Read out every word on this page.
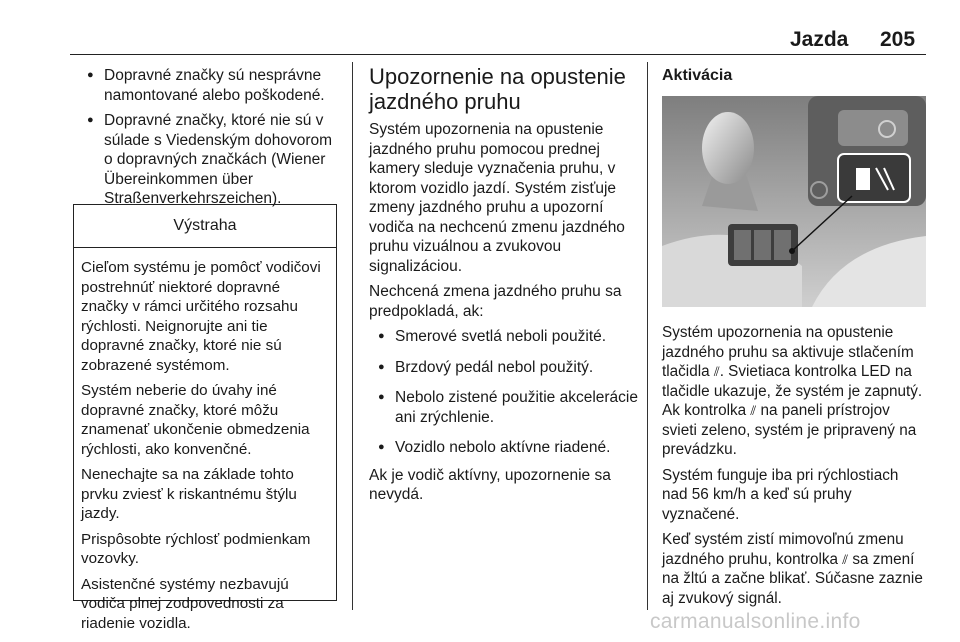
Jazda 205
● Dopravné značky sú nesprávne namontované alebo poškodené.
● Dopravné značky, ktoré nie sú v súlade s Viedenským dohovorom o dopravných značkách (Wiener Übereinkommen über Straßenverkehrszeichen).
Výstraha

Cieľom systému je pomôcť vodičovi postrehnúť niektoré dopravné značky v rámci určitého rozsahu rýchlosti. Neignorujte ani tie dopravné značky, ktoré nie sú zobrazené systémom.

Systém neberie do úvahy iné dopravné značky, ktoré môžu znamenať ukončenie obmedzenia rýchlosti, ako konvenčné.

Nenechajte sa na základe tohto prvku zviesť k riskantnému štýlu jazdy.

Prispôsobte rýchlosť podmienkam vozovky.

Asistenčné systémy nezbavujú vodiča plnej zodpovednosti za riadenie vozidla.

Upozornenie na opustenie jazdného pruhu

Systém upozornenia na opustenie jazdného pruhu pomocou prednej kamery sleduje vyznačenia pruhu, v ktorom vozidlo jazdí. Systém zisťuje zmeny jazdného pruhu a upozorní vodiča na nechcenú zmenu jazdného pruhu vizuálnou a zvukovou signalizáciou.

Nechcená zmena jazdného pruhu sa predpokladá, ak:

● Smerové svetlá neboli použité.
● Brzdový pedál nebol použitý.
● Nebolo zistené použitie akcelerácie ani zrýchlenie.
● Vozidlo nebolo aktívne riadené.

Ak je vodič aktívny, upozornenie sa nevydá.

Aktivácia

Systém upozornenia na opustenie jazdného pruhu sa aktivuje stlačením tlačidla ⫽. Svietiaca kontrolka LED na tlačidle ukazuje, že systém je zapnutý. Ak kontrolka ⫽ na paneli prístrojov svieti zeleno, systém je pripravený na prevádzku.

Systém funguje iba pri rýchlostiach nad 56 km/h a keď sú pruhy vyznačené.

Keď systém zistí mimovoľnú zmenu jazdného pruhu, kontrolka ⫽ sa zmení na žltú a začne blikať. Súčasne zaznie aj zvukový signál.

carmanualsonline.info
